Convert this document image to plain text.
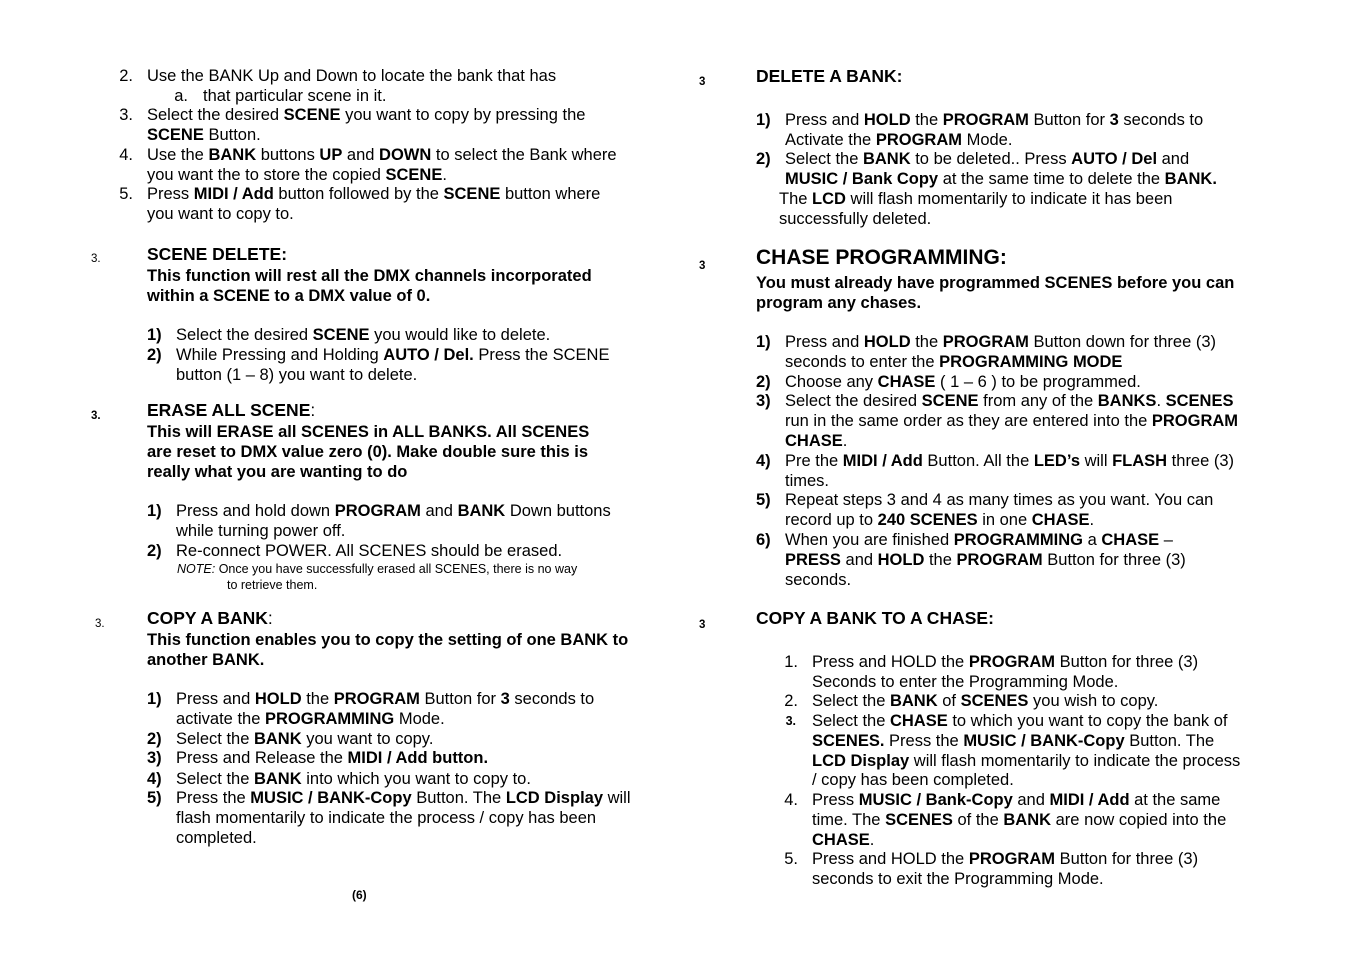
2. Use the BANK Up and Down to locate the bank that has
a. that particular scene in it.
3. Select the desired SCENE you want to copy by pressing the SCENE Button.
4. Use the BANK buttons UP and DOWN to select the Bank where you want the to store the copied SCENE.
5. Press MIDI / Add button followed by the SCENE button where you want to copy to.
3.	SCENE DELETE:
This function will rest all the DMX channels incorporated within a SCENE to a DMX value of 0.
1) Select the desired SCENE you would like to delete.
2) While Pressing and Holding AUTO / Del. Press the SCENE button (1 – 8) you want to delete.
3.	ERASE ALL SCENE:
This will ERASE all SCENES in ALL BANKS. All SCENES are reset to DMX value zero (0). Make double sure this is really what you are wanting to do
1) Press and hold down PROGRAM and BANK Down buttons while turning power off.
2) Re-connect POWER. All SCENES should be erased.
NOTE: Once you have successfully erased all SCENES, there is no way
to retrieve them.
3. COPY A BANK:
This function enables you to copy the setting of one BANK to another BANK.
1) Press and HOLD the PROGRAM Button for 3 seconds to activate the PROGRAMMING Mode.
2) Select the BANK you want to copy.
3) Press and Release the MIDI / Add button.
4) Select the BANK into which you want to copy to.
5) Press the MUSIC / BANK-Copy Button. The LCD Display will flash momentarily to indicate the process / copy has been completed.
(6)
3	DELETE A BANK:
1) Press and HOLD the PROGRAM Button for 3 seconds to Activate the PROGRAM Mode.
2) Select the BANK to be deleted.. Press AUTO / Del and MUSIC / Bank Copy at the same time to delete the BANK.
The LCD will flash momentarily to indicate it has been successfully deleted.
3 CHASE PROGRAMMING:
You must already have programmed SCENES before you can program any chases.
1) Press and HOLD the PROGRAM Button down for three (3) seconds to enter the PROGRAMMING MODE
2) Choose any CHASE ( 1 – 6 ) to be programmed.
3) Select the desired SCENE from any of the BANKS. SCENES run in the same order as they are entered into the PROGRAM CHASE.
4) Pre the MIDI / Add Button. All the LED’s will FLASH three (3) times.
5) Repeat steps 3 and 4 as many times as you want. You can record up to 240 SCENES in one CHASE.
6) When you are finished PROGRAMMING a CHASE – PRESS and HOLD the PROGRAM Button for three (3) seconds.
3	COPY A BANK TO A CHASE:
1. Press and HOLD the PROGRAM Button for three (3) Seconds to enter the Programming Mode.
2. Select the BANK of SCENES you wish to copy.
3. Select the CHASE to which you want to copy the bank of SCENES. Press the MUSIC / BANK-Copy Button. The LCD Display will flash momentarily to indicate the process / copy has been completed.
4. Press MUSIC / Bank-Copy and MIDI / Add at the same time. The SCENES of the BANK are now copied into the CHASE.
5. Press and HOLD the PROGRAM Button for three (3) seconds to exit the Programming Mode.
